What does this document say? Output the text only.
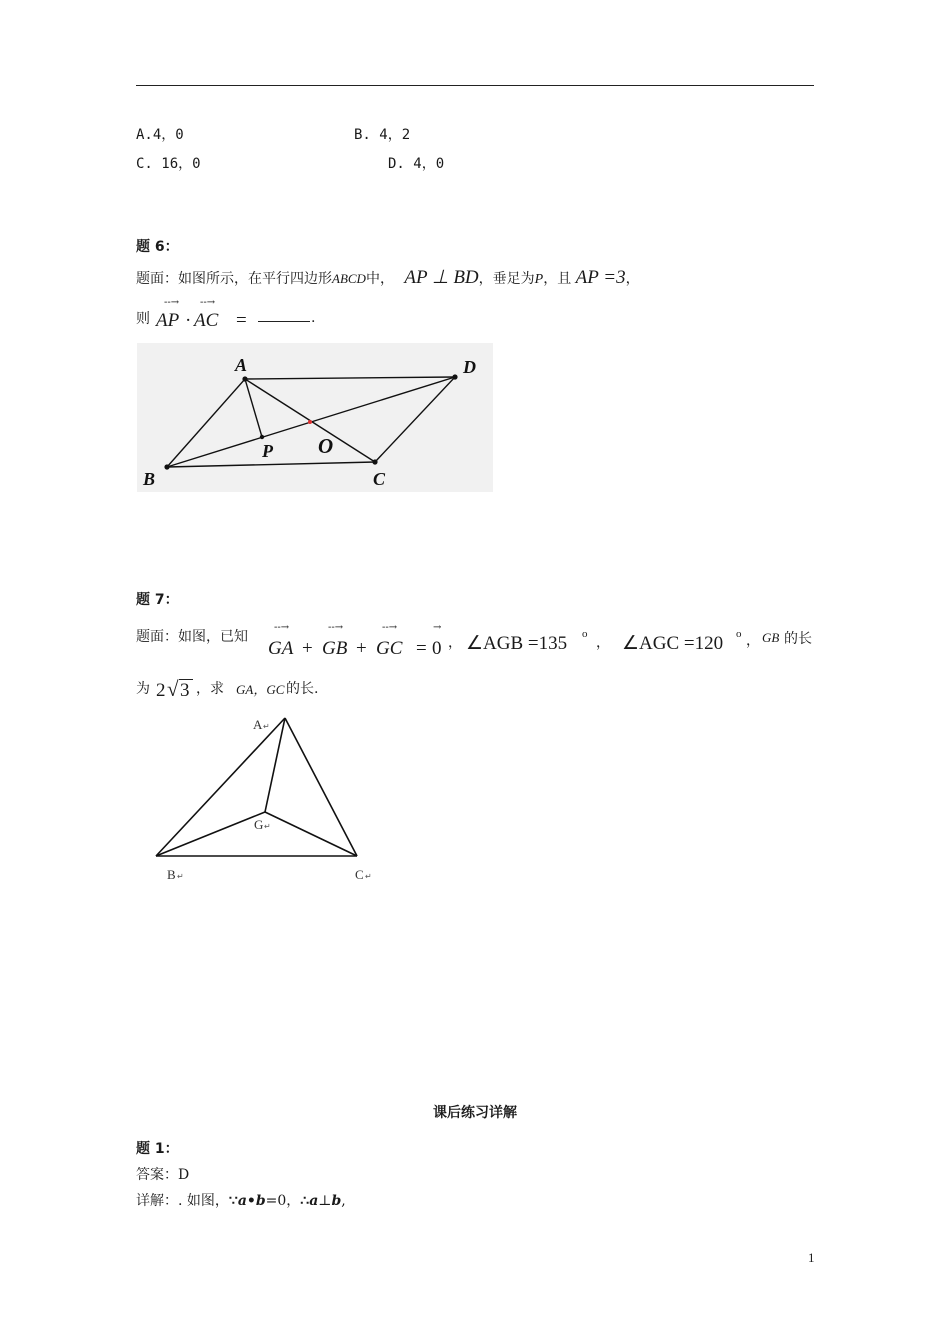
A.4，0	B. 4，2
C. 16，0	D. 4，0
题 6：
题面：如图所示，在平行四边形ABCD中， AP ⊥ BD，垂足为P，且 AP =3，
则 AP
--→
· AC
--→
=	.
A	D
B	C
P O
题 7：
题面：如图，已知
GA
--→
+ GB
--→
+ GC
--→
= 0
→
， ∠AGB =135 o
， ∠AGC =120 o ， GB 的长
为 2 √ 3 ，求 GA，GC 的长.
A
G
B	C
↵
↵
↵	↵
课后练习详解
题 1：
答案：D
详解：. 如图，∵a•b=0，∴a⊥b,
1
